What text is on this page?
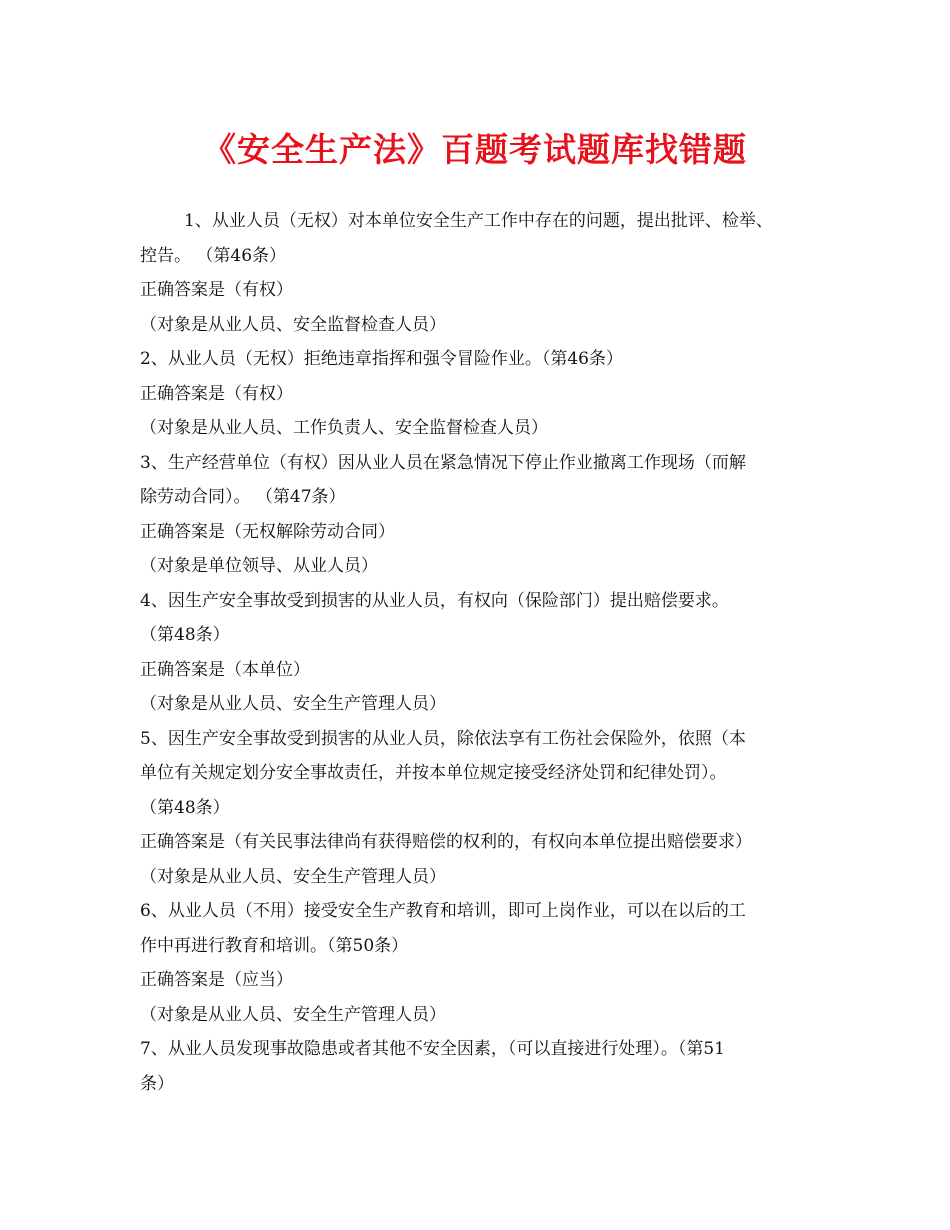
《安全生产法》百题考试题库找错题
1、从业人员（无权）对本单位安全生产工作中存在的问题，提出批评、检举、
控告。 （第46条）
正确答案是（有权）
（对象是从业人员、安全监督检查人员）
2、从业人员（无权）拒绝违章指挥和强令冒险作业。（第46条）
正确答案是（有权）
（对象是从业人员、工作负责人、安全监督检查人员）
3、生产经营单位（有权）因从业人员在紧急情况下停止作业撤离工作现场（而解
除劳动合同）。 （第47条）
正确答案是（无权解除劳动合同）
（对象是单位领导、从业人员）
4、因生产安全事故受到损害的从业人员，有权向（保险部门）提出赔偿要求。
（第48条）
正确答案是（本单位）
（对象是从业人员、安全生产管理人员）
5、因生产安全事故受到损害的从业人员，除依法享有工伤社会保险外，依照（本
单位有关规定划分安全事故责任，并按本单位规定接受经济处罚和纪律处罚）。
（第48条）
正确答案是（有关民事法律尚有获得赔偿的权利的，有权向本单位提出赔偿要求）
（对象是从业人员、安全生产管理人员）
6、从业人员（不用）接受安全生产教育和培训，即可上岗作业，可以在以后的工
作中再进行教育和培训。（第50条）
正确答案是（应当）
（对象是从业人员、安全生产管理人员）
7、从业人员发现事故隐患或者其他不安全因素，（可以直接进行处理）。（第51
条）
